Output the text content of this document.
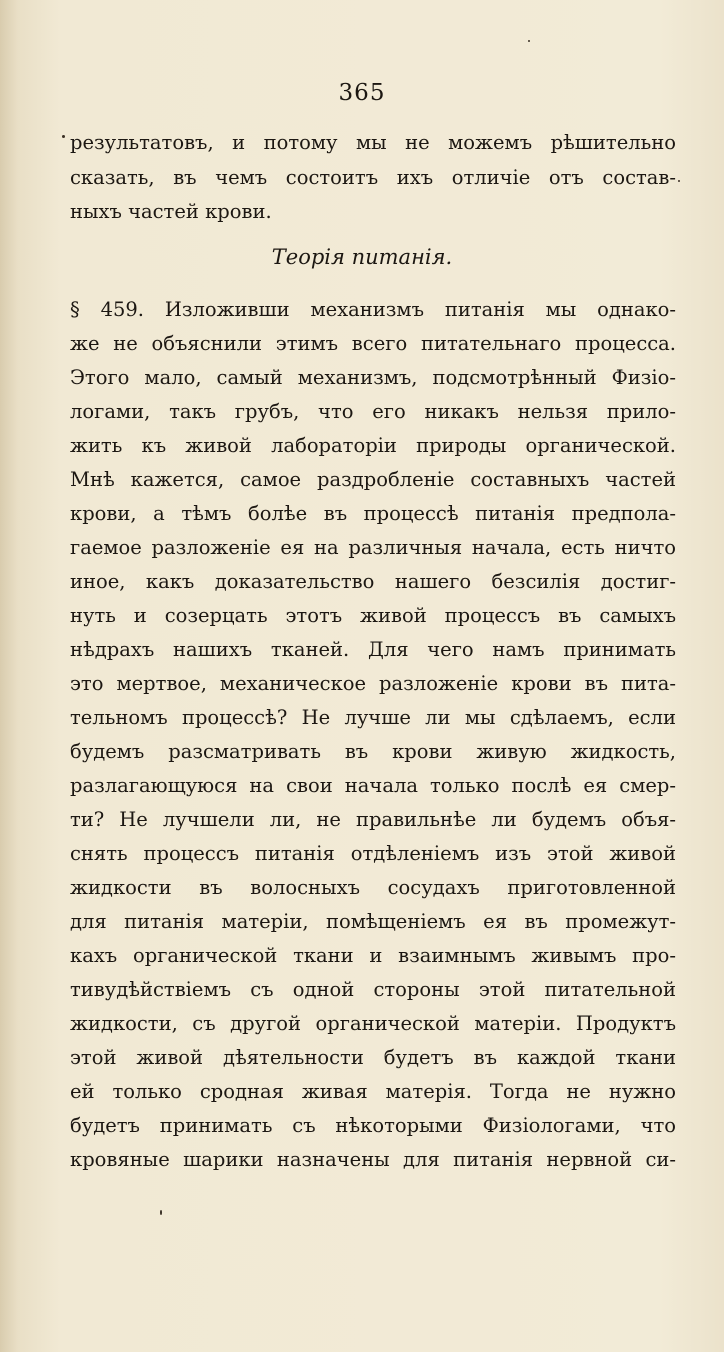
365
результатовъ, и потому мы не можемъ рѣшительно
сказать, въ чемъ состоитъ ихъ отличіе отъ состав-
ныхъ частей крови.
Теорія питанія.
§ 459. Изложивши механизмъ питанія мы однако-
же не объяснили этимъ всего питательнаго процесса.
Этого мало, самый механизмъ, подсмотрѣнный Физіо-
логами, такъ грубъ, что его никакъ нельзя прило-
жить къ живой лабораторіи природы органической.
Мнѣ кажется, самое раздробленіе составныхъ частей
крови, а тѣмъ болѣе въ процессѣ питанія предпола-
гаемое разложеніе ея на различныя начала, есть ничто
иное, какъ доказательство нашего безсилія достиг-
нуть и созерцать этотъ живой процессъ въ самыхъ
нѣдрахъ нашихъ тканей. Для чего намъ принимать
это мертвое, механическое разложеніе крови въ пита-
тельномъ процессѣ? Не лучше ли мы сдѣлаемъ, если
будемъ разсматривать въ крови живую жидкость,
разлагающуюся на свои начала только послѣ ея смер-
ти? Не лучшели ли, не правильнѣе ли будемъ объя-
снять процессъ питанія отдѣленіемъ изъ этой живой
жидкости въ волосныхъ сосудахъ приготовленной
для питанія матеріи, помѣщеніемъ ея въ промежут-
кахъ органической ткани и взаимнымъ живымъ про-
тивудѣйствіемъ съ одной стороны этой питательной
жидкости, съ другой органической матеріи. Продуктъ
этой живой дѣятельности будетъ въ каждой ткани
ей только сродная живая матерія. Тогда не нужно
будетъ принимать съ нѣкоторыми Физіологами, что
кровяные шарики назначены для питанія нервной си-
